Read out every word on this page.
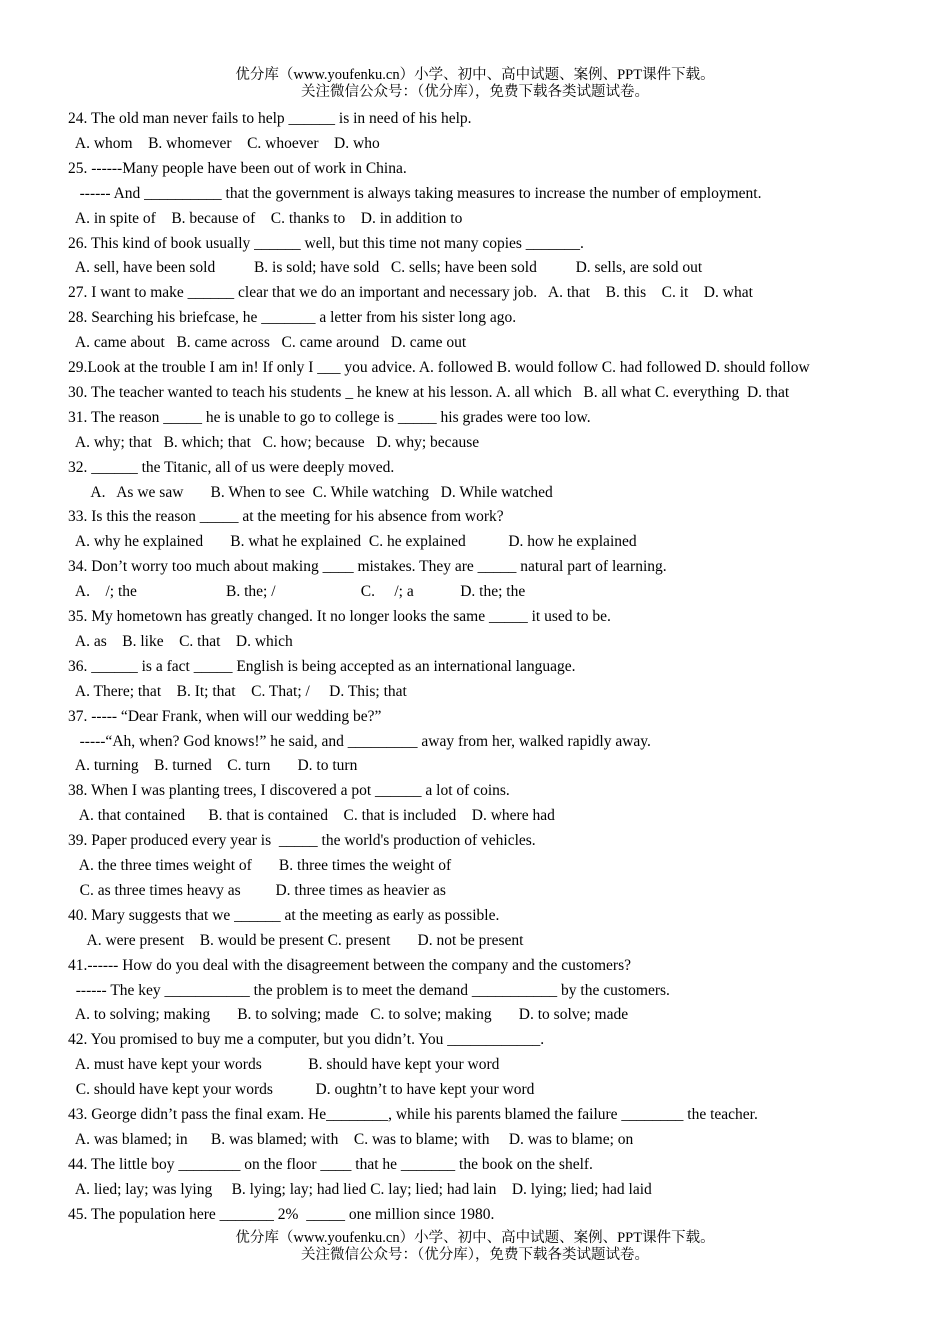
优分库（www.youfenku.cn）小学、初中、高中试题、案例、PPT课件下载。
关注微信公众号：（优分库），免费下载各类试题试卷。
24. The old man never fails to help ______ is in need of his help.
A. whom    B. whomever    C. whoever    D. who
25. ------Many people have been out of work in China.
------ And __________ that the government is always taking measures to increase the number of employment.
A. in spite of    B. because of    C. thanks to    D. in addition to
26. This kind of book usually ______ well, but this time not many copies _______.
A. sell, have been sold          B. is sold; have sold   C. sells; have been sold          D. sells, are sold out
27. I want to make ______ clear that we do an important and necessary job.   A. that    B. this    C. it    D. what
28. Searching his briefcase, he _______ a letter from his sister long ago.
A. came about   B. came across   C. came around   D. came out
29.Look at the trouble I am in! If only I ___ you advice. A. followed B. would follow C. had followed D. should follow
30. The teacher wanted to teach his students _ he knew at his lesson. A. all which   B. all what C. everything  D. that
31. The reason _____ he is unable to go to college is _____ his grades were too low.
A. why; that   B. which; that   C. how; because   D. why; because
32. ______ the Titanic, all of us were deeply moved.
A.   As we saw       B. When to see  C. While watching   D. While watched
33. Is this the reason _____ at the meeting for his absence from work?
A. why he explained       B. what he explained  C. he explained           D. how he explained
34. Don’t worry too much about making ____ mistakes. They are _____ natural part of learning.
A.    /; the                       B. the; /                      C.     /; a            D. the; the
35. My hometown has greatly changed. It no longer looks the same _____ it used to be.
A. as    B. like    C. that    D. which
36. ______ is a fact _____ English is being accepted as an international language.
A. There; that    B. It; that    C. That; /     D. This; that
37. ----- “Dear Frank, when will our wedding be?”
-----“Ah, when? God knows!” he said, and _________ away from her, walked rapidly away.
A. turning    B. turned    C. turn       D. to turn
38. When I was planting trees, I discovered a pot ______ a lot of coins.
A. that contained      B. that is contained    C. that is included    D. where had
39. Paper produced every year is  _____ the world's production of vehicles.
A. the three times weight of       B. three times the weight of
C. as three times heavy as         D. three times as heavier as
40. Mary suggests that we ______ at the meeting as early as possible.
A. were present    B. would be present C. present       D. not be present
41.------ How do you deal with the disagreement between the company and the customers?
------ The key ___________ the problem is to meet the demand ___________ by the customers.
A. to solving; making       B. to solving; made   C. to solve; making       D. to solve; made
42. You promised to buy me a computer, but you didn’t. You ____________.
A. must have kept your words            B. should have kept your word
C. should have kept your words           D. oughtn’t to have kept your word
43. George didn’t pass the final exam. He________, while his parents blamed the failure ________ the teacher.
A. was blamed; in      B. was blamed; with    C. was to blame; with     D. was to blame; on
44. The little boy ________ on the floor ____ that he _______ the book on the shelf.
A. lied; lay; was lying     B. lying; lay; had lied C. lay; lied; had lain    D. lying; lied; had laid
45. The population here _______ 2%  _____ one million since 1980.
优分库（www.youfenku.cn）小学、初中、高中试题、案例、PPT课件下载。
关注微信公众号：（优分库），免费下载各类试题试卷。
